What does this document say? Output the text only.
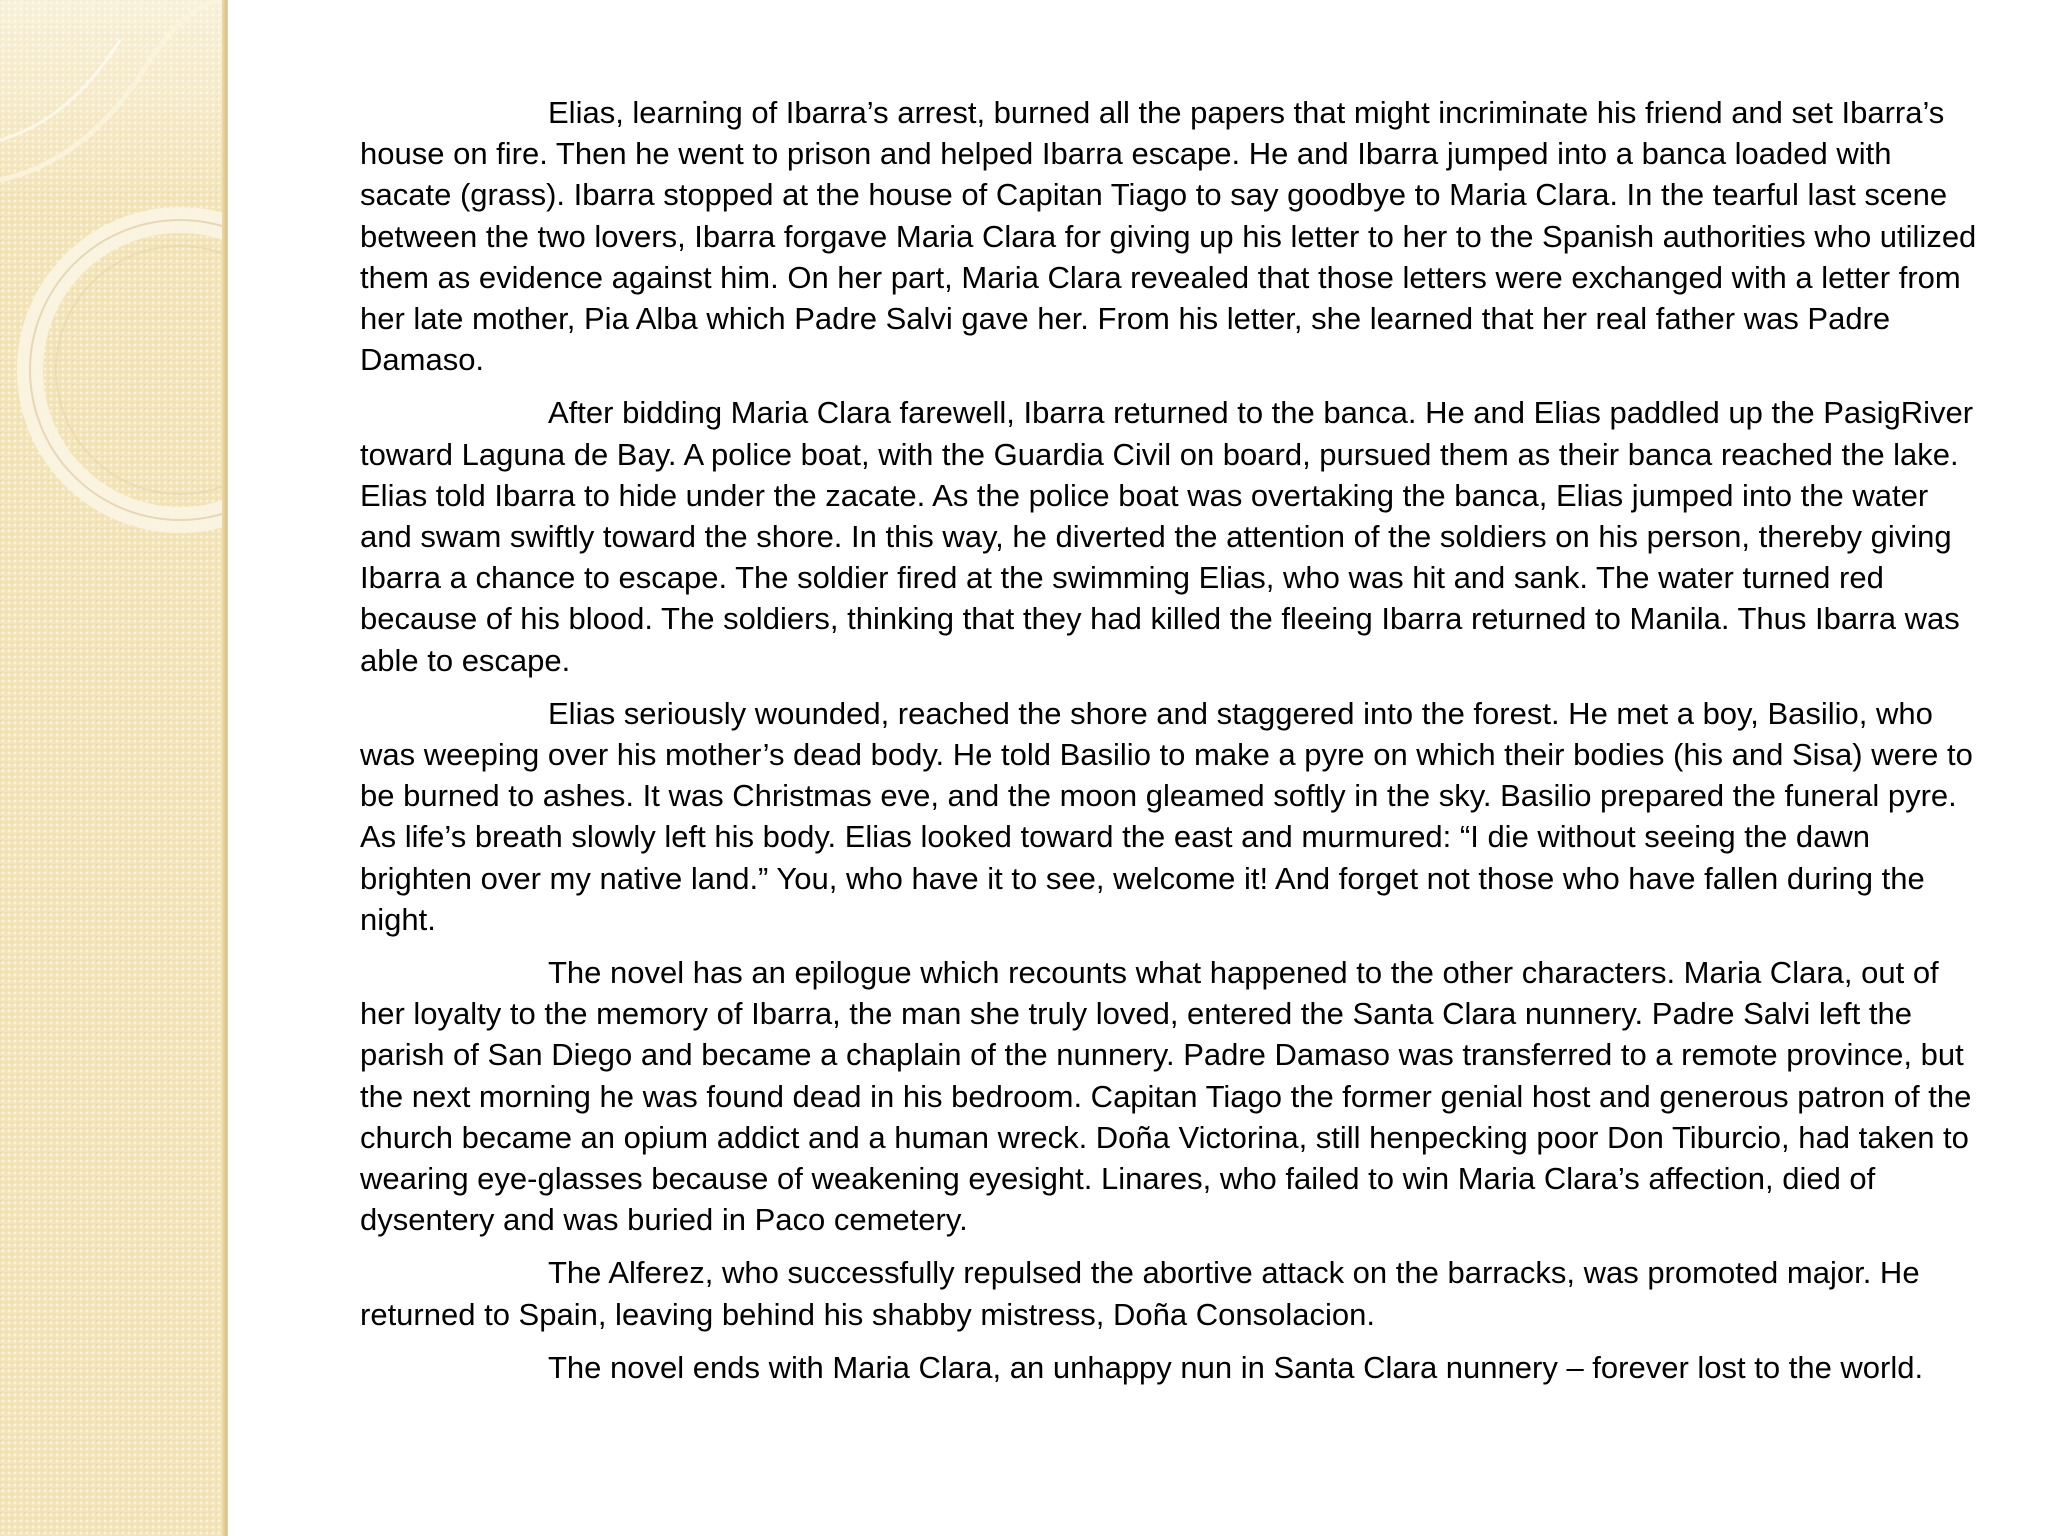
Elias, learning of Ibarra’s arrest, burned all the papers that might incriminate his friend and set Ibarra’s house on fire. Then he went to prison and helped Ibarra escape. He and Ibarra jumped into a banca loaded with sacate (grass). Ibarra stopped at the house of Capitan Tiago to say goodbye to Maria Clara. In the tearful last scene between the two lovers, Ibarra forgave Maria Clara for giving up his letter to her to the Spanish authorities who utilized them as evidence against him. On her part, Maria Clara revealed that those letters were exchanged with a letter from her late mother, Pia Alba which Padre Salvi gave her. From his letter, she learned that her real father was Padre Damaso.

After bidding Maria Clara farewell, Ibarra returned to the banca. He and Elias paddled up the PasigRiver toward Laguna de Bay. A police boat, with the Guardia Civil on board, pursued them as their banca reached the lake. Elias told Ibarra to hide under the zacate. As the police boat was overtaking the banca, Elias jumped into the water and swam swiftly toward the shore. In this way, he diverted the attention of the soldiers on his person, thereby giving Ibarra a chance to escape. The soldier fired at the swimming Elias, who was hit and sank. The water turned red because of his blood. The soldiers, thinking that they had killed the fleeing Ibarra returned to Manila. Thus Ibarra was able to escape.

Elias seriously wounded, reached the shore and staggered into the forest. He met a boy, Basilio, who was weeping over his mother’s dead body. He told Basilio to make a pyre on which their bodies (his and Sisa) were to be burned to ashes. It was Christmas eve, and the moon gleamed softly in the sky. Basilio prepared the funeral pyre. As life’s breath slowly left his body. Elias looked toward the east and murmured: “I die without seeing the dawn brighten over my native land.” You, who have it to see, welcome it! And forget not those who have fallen during the night.

The novel has an epilogue which recounts what happened to the other characters. Maria Clara, out of her loyalty to the memory of Ibarra, the man she truly loved, entered the Santa Clara nunnery. Padre Salvi left the parish of San Diego and became a chaplain of the nunnery. Padre Damaso was transferred to a remote province, but the next morning he was found dead in his bedroom. Capitan Tiago the former genial host and generous patron of the church became an opium addict and a human wreck. Doña Victorina, still henpecking poor Don Tiburcio, had taken to wearing eye-glasses because of weakening eyesight. Linares, who failed to win Maria Clara’s affection, died of dysentery and was buried in Paco cemetery.

The Alferez, who successfully repulsed the abortive attack on the barracks, was promoted major. He returned to Spain, leaving behind his shabby mistress, Doña Consolacion.

The novel ends with Maria Clara, an unhappy nun in Santa Clara nunnery – forever lost to the world.
